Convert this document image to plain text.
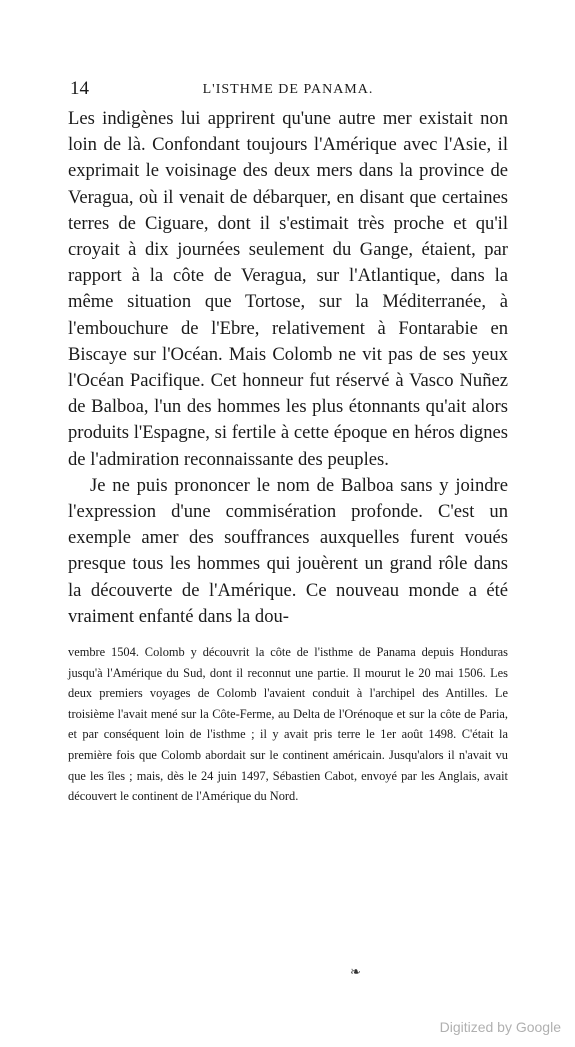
14	L'ISTHME DE PANAMA.

Les indigènes lui apprirent qu'une autre mer existait non loin de là. Confondant toujours l'Amérique avec l'Asie, il exprimait le voisinage des deux mers dans la province de Veragua, où il venait de débarquer, en disant que certaines terres de Ciguare, dont il s'estimait très proche et qu'il croyait à dix journées seulement du Gange, étaient, par rapport à la côte de Veragua, sur l'Atlantique, dans la même situation que Tortose, sur la Méditerranée, à l'embouchure de l'Ebre, relativement à Fontarabie en Biscaye sur l'Océan. Mais Colomb ne vit pas de ses yeux l'Océan Pacifique. Cet honneur fut réservé à Vasco Nuñez de Balboa, l'un des hommes les plus étonnants qu'ait alors produits l'Espagne, si fertile à cette époque en héros dignes de l'admiration reconnaissante des peuples.

Je ne puis prononcer le nom de Balboa sans y joindre l'expression d'une commisération profonde. C'est un exemple amer des souffrances auxquelles furent voués presque tous les hommes qui jouèrent un grand rôle dans la découverte de l'Amérique. Ce nouveau monde a été vraiment enfanté dans la dou-

vembre 1504. Colomb y découvrit la côte de l'isthme de Panama depuis Honduras jusqu'à l'Amérique du Sud, dont il reconnut une partie. Il mourut le 20 mai 1506. Les deux premiers voyages de Colomb l'avaient conduit à l'archipel des Antilles. Le troisième l'avait mené sur la Côte-Ferme, au Delta de l'Orénoque et sur la côte de Paria, et par conséquent loin de l'isthme ; il y avait pris terre le 1er août 1498. C'était la première fois que Colomb abordait sur le continent américain. Jusqu'alors il n'avait vu que les îles ; mais, dès le 24 juin 1497, Sébastien Cabot, envoyé par les Anglais, avait découvert le continent de l'Amérique du Nord.

❧
Digitized by Google
